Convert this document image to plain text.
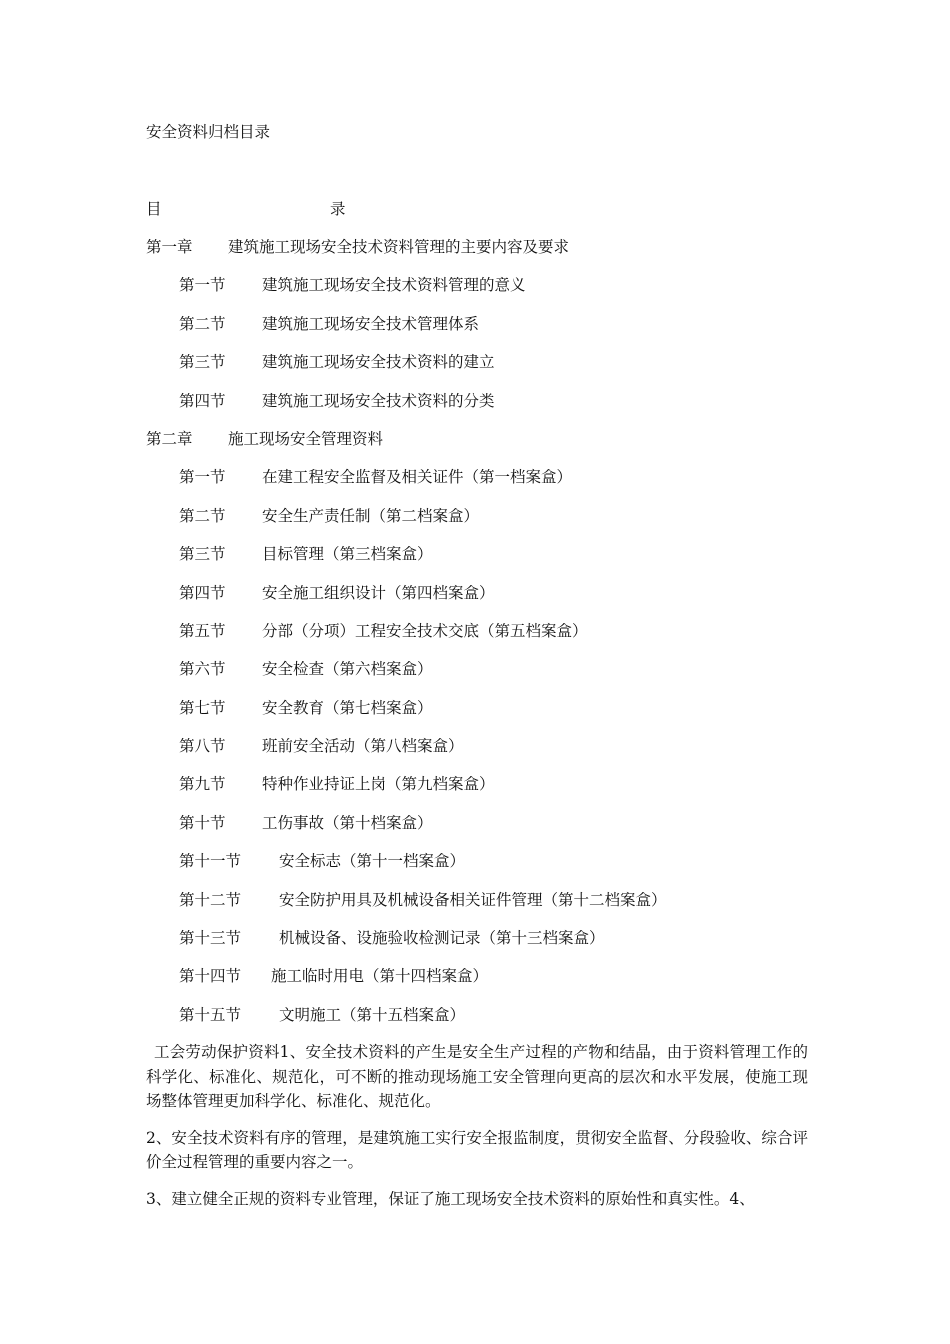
安全资料归档目录
目	录
第一章 建筑施工现场安全技术资料管理的主要内容及要求
第一节 建筑施工现场安全技术资料管理的意义
第二节 建筑施工现场安全技术管理体系
第三节 建筑施工现场安全技术资料的建立
第四节 建筑施工现场安全技术资料的分类
第二章 施工现场安全管理资料
第一节 在建工程安全监督及相关证件（第一档案盒）
第二节 安全生产责任制（第二档案盒）
第三节 目标管理（第三档案盒）
第四节 安全施工组织设计（第四档案盒）
第五节 分部（分项）工程安全技术交底（第五档案盒）
第六节 安全检查（第六档案盒）
第七节 安全教育（第七档案盒）
第八节 班前安全活动（第八档案盒）
第九节 特种作业持证上岗（第九档案盒）
第十节 工伤事故（第十档案盒）
第十一节 安全标志（第十一档案盒）
第十二节 安全防护用具及机械设备相关证件管理（第十二档案盒）
第十三节 机械设备、设施验收检测记录（第十三档案盒）
第十四节 施工临时用电（第十四档案盒）
第十五节 文明施工（第十五档案盒）

工会劳动保护资料1、安全技术资料的产生是安全生产过程的产物和结晶，由于资料管理工作的科学化、标准化、规范化，可不断的推动现场施工安全管理向更高的层次和水平发展，使施工现场整体管理更加科学化、标准化、规范化。

2、安全技术资料有序的管理，是建筑施工实行安全报监制度，贯彻安全监督、分段验收、综合评价全过程管理的重要内容之一。

3、建立健全正规的资料专业管理，保证了施工现场安全技术资料的原始性和真实性。4、
